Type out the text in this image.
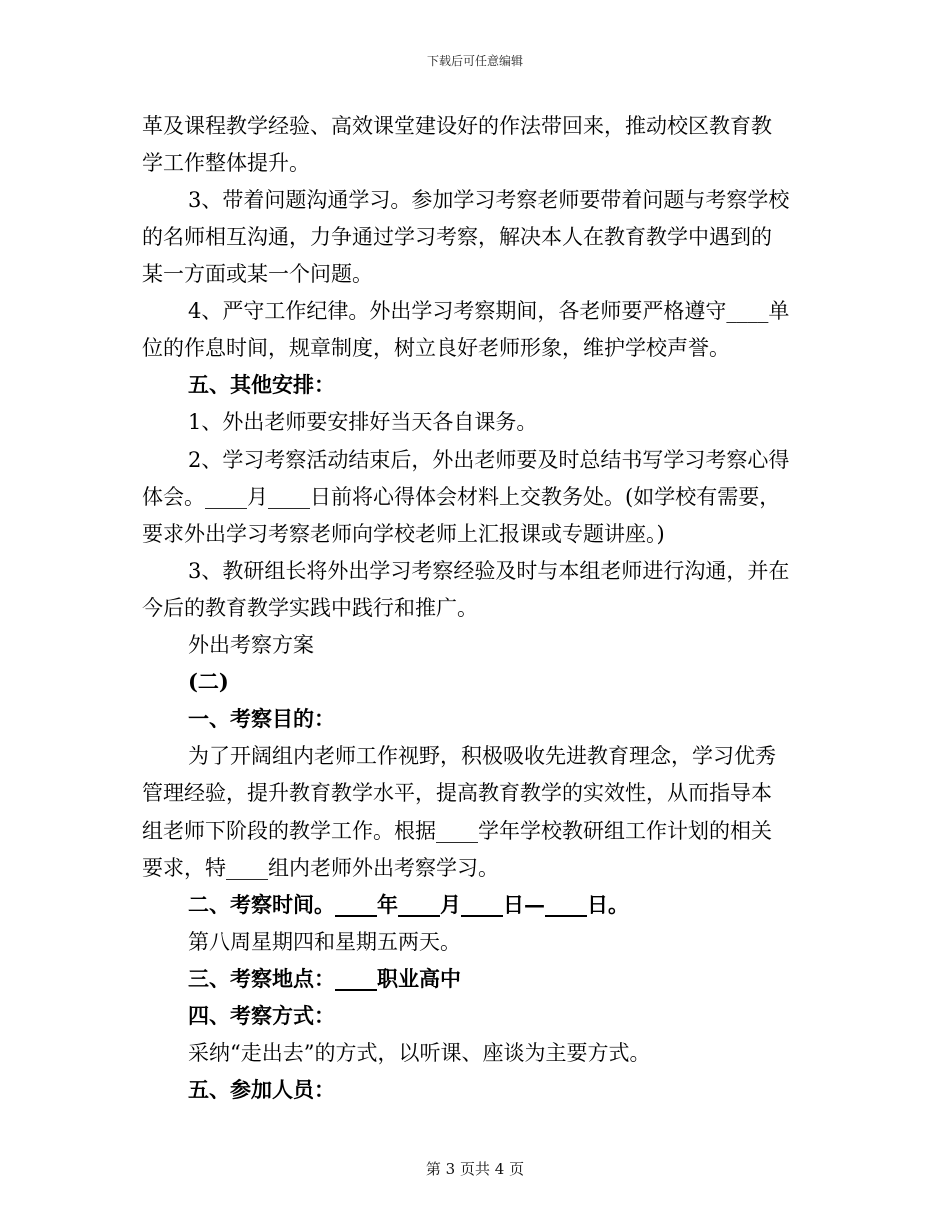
下载后可任意编辑
革及课程教学经验、高效课堂建设好的作法带回来，推动校区教育教
学工作整体提升。
3、带着问题沟通学习。参加学习考察老师要带着问题与考察学校
的名师相互沟通，力争通过学习考察，解决本人在教育教学中遇到的
某一方面或某一个问题。
4、严守工作纪律。外出学习考察期间，各老师要严格遵守____单
位的作息时间，规章制度，树立良好老师形象，维护学校声誉。
五、其他安排：
1、外出老师要安排好当天各自课务。
2、学习考察活动结束后，外出老师要及时总结书写学习考察心得
体会。____月____日前将心得体会材料上交教务处。(如学校有需要，
要求外出学习考察老师向学校老师上汇报课或专题讲座。)
3、教研组长将外出学习考察经验及时与本组老师进行沟通，并在
今后的教育教学实践中践行和推广。
外出考察方案
(二)
一、考察目的：
为了开阔组内老师工作视野，积极吸收先进教育理念，学习优秀
管理经验，提升教育教学水平，提高教育教学的实效性，从而指导本
组老师下阶段的教学工作。根据____学年学校教研组工作计划的相关
要求，特____组内老师外出考察学习。
二、考察时间。____年____月____日—____日。
第八周星期四和星期五两天。
三、考察地点：____职业高中
四、考察方式：
采纳“走出去”的方式，以听课、座谈为主要方式。
五、参加人员：
第 3 页共 4 页
